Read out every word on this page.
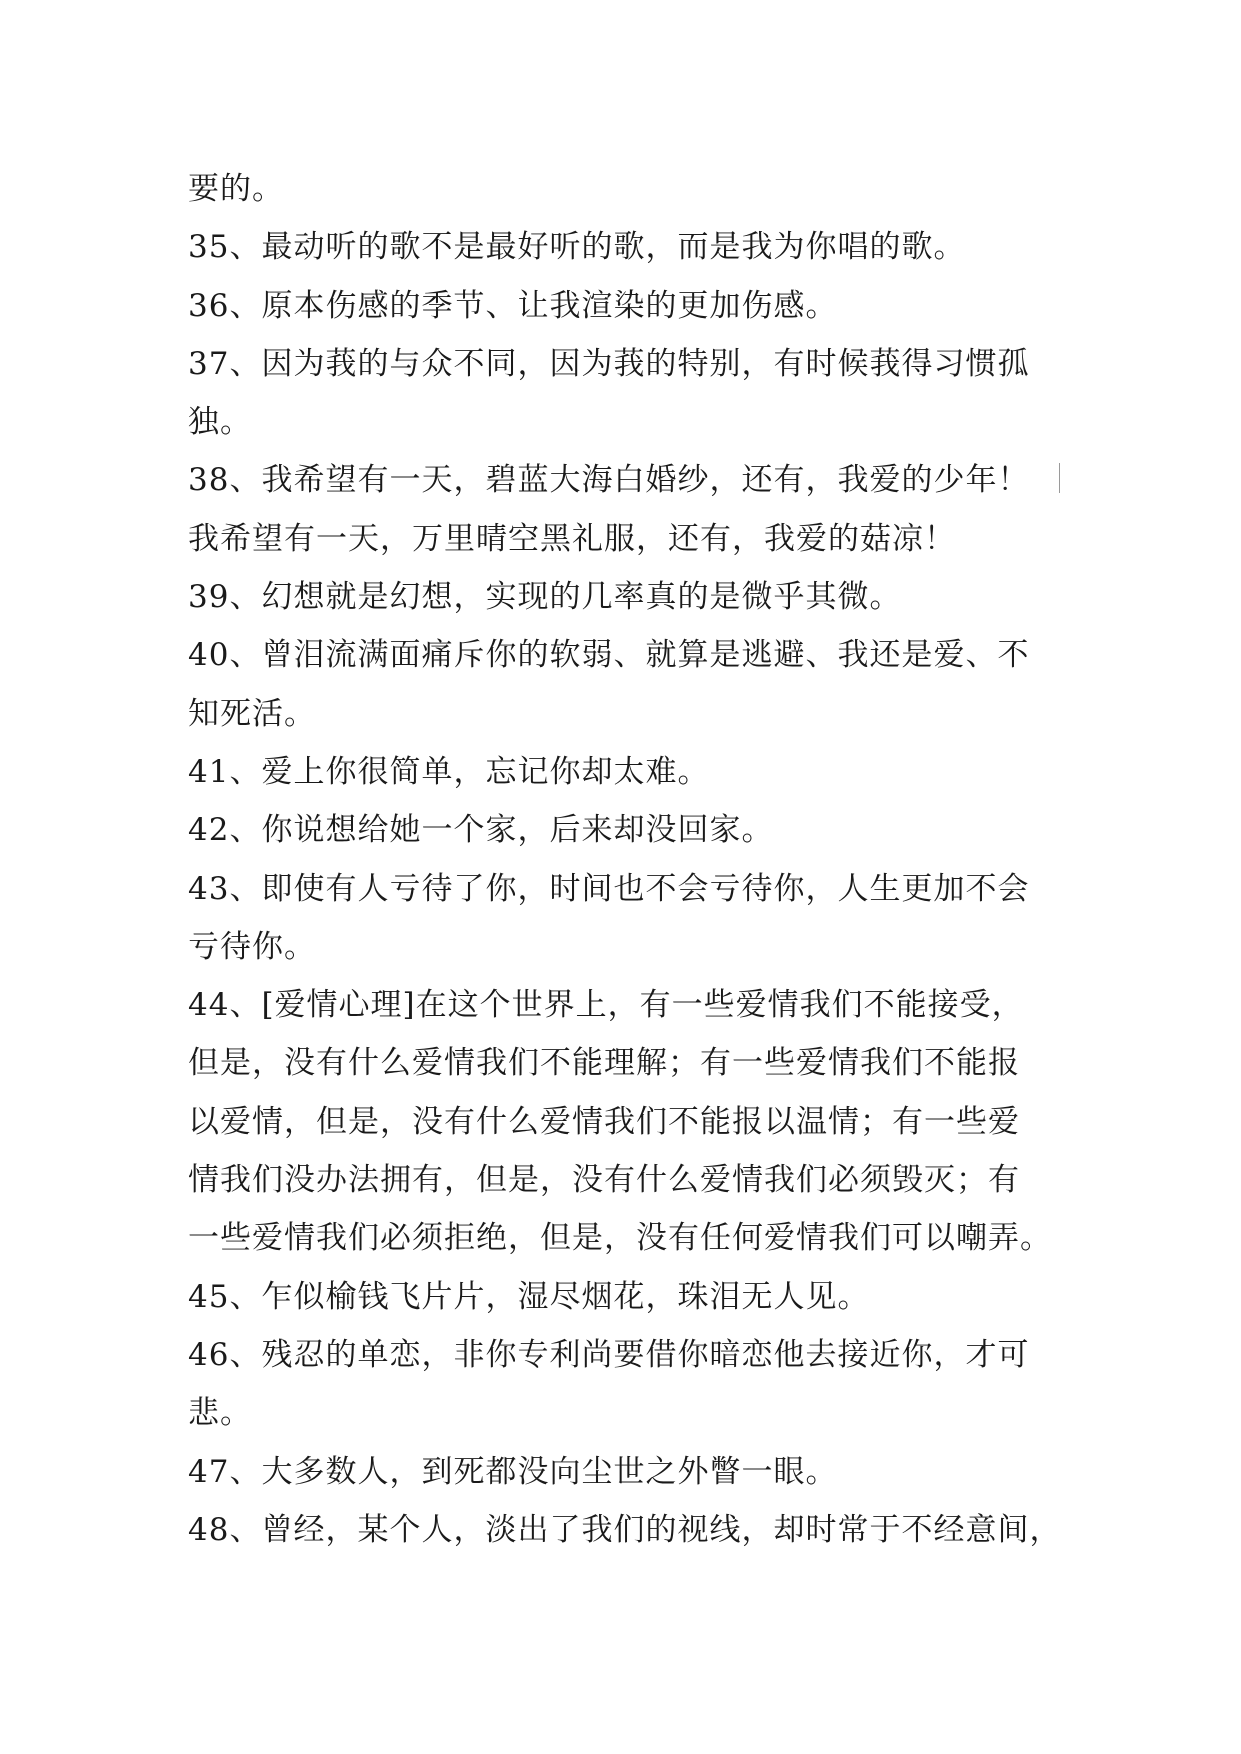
要的。
35、最动听的歌不是最好听的歌，而是我为你唱的歌。
36、原本伤感的季节、让我渲染的更加伤感。
37、因为莪的与众不同，因为莪的特别，有时候莪得习惯孤
独。
38、我希望有一天，碧蓝大海白婚纱，还有，我爱的少年！
我希望有一天，万里晴空黑礼服，还有，我爱的菇凉！
39、幻想就是幻想，实现的几率真的是微乎其微。
40、曾泪流满面痛斥你的软弱、就算是逃避、我还是爱、不
知死活。
41、爱上你很简单，忘记你却太难。
42、你说想给她一个家，后来却没回家。
43、即使有人亏待了你，时间也不会亏待你，人生更加不会
亏待你。
44、[爱情心理]在这个世界上，有一些爱情我们不能接受，
但是，没有什么爱情我们不能理解；有一些爱情我们不能报
以爱情，但是，没有什么爱情我们不能报以温情；有一些爱
情我们没办法拥有，但是，没有什么爱情我们必须毁灭；有
一些爱情我们必须拒绝，但是，没有任何爱情我们可以嘲弄。
45、乍似榆钱飞片片，湿尽烟花，珠泪无人见。
46、残忍的单恋，非你专利尚要借你暗恋他去接近你，才可
悲。
47、大多数人，到死都没向尘世之外瞥一眼。
48、曾经，某个人，淡出了我们的视线，却时常于不经意间，
